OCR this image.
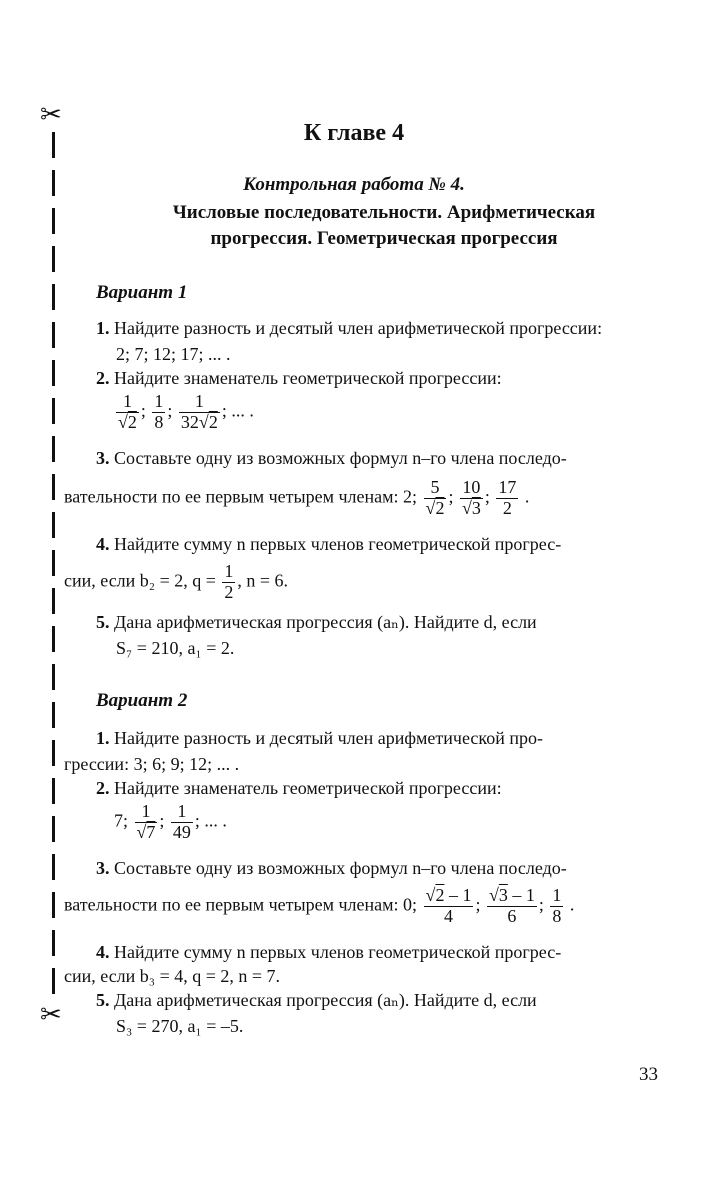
✂
✂
К главе 4
Контрольная работа № 4.
Числовые последовательности. Арифметическая
прогрессия. Геометрическая прогрессия
Вариант 1
1. Найдите разность и десятый член арифметической прогрессии:
2; 7; 12; 17; ... .
2. Найдите знаменатель геометрической прогрессии:
$\frac{1}{√2}$ ; $\frac{1}{8}$ ; $\frac{1}{32√2}$ ; ... .
3. Составьте одну из возможных формул n–го члена последо-
вательности по ее первым четырем членам: 2; $\frac{5}{√2}$ ; $\frac{10}{√3}$ ; $\frac{17}{2}$ .
4. Найдите сумму n первых членов геометрической прогрес-
сии, если b₂ = 2, $q = \frac{1}{2}$ , n = 6.
5. Дана арифметическая прогрессия (aₙ). Найдите d, если
S₇ = 210, a₁ = 2.
Вариант 2
1. Найдите разность и десятый член арифметической про-
грессии: 3; 6; 9; 12; ... .
2. Найдите знаменатель геометрической прогрессии:
7; $\frac{1}{√7}$ ; $\frac{1}{49}$ ; ... .
3. Составьте одну из возможных формул n–го члена последо-
вательности по ее первым четырем членам: 0; $\frac{√2 - 1}{4}$ ; $\frac{√3 - 1}{6}$ ; $\frac{1}{8}$ .
4. Найдите сумму n первых членов геометрической прогрес-
сии, если b₃ = 4, q = 2, n = 7.
5. Дана арифметическая прогрессия (aₙ). Найдите d, если
S₃ = 270, a₁ = –5.
33
